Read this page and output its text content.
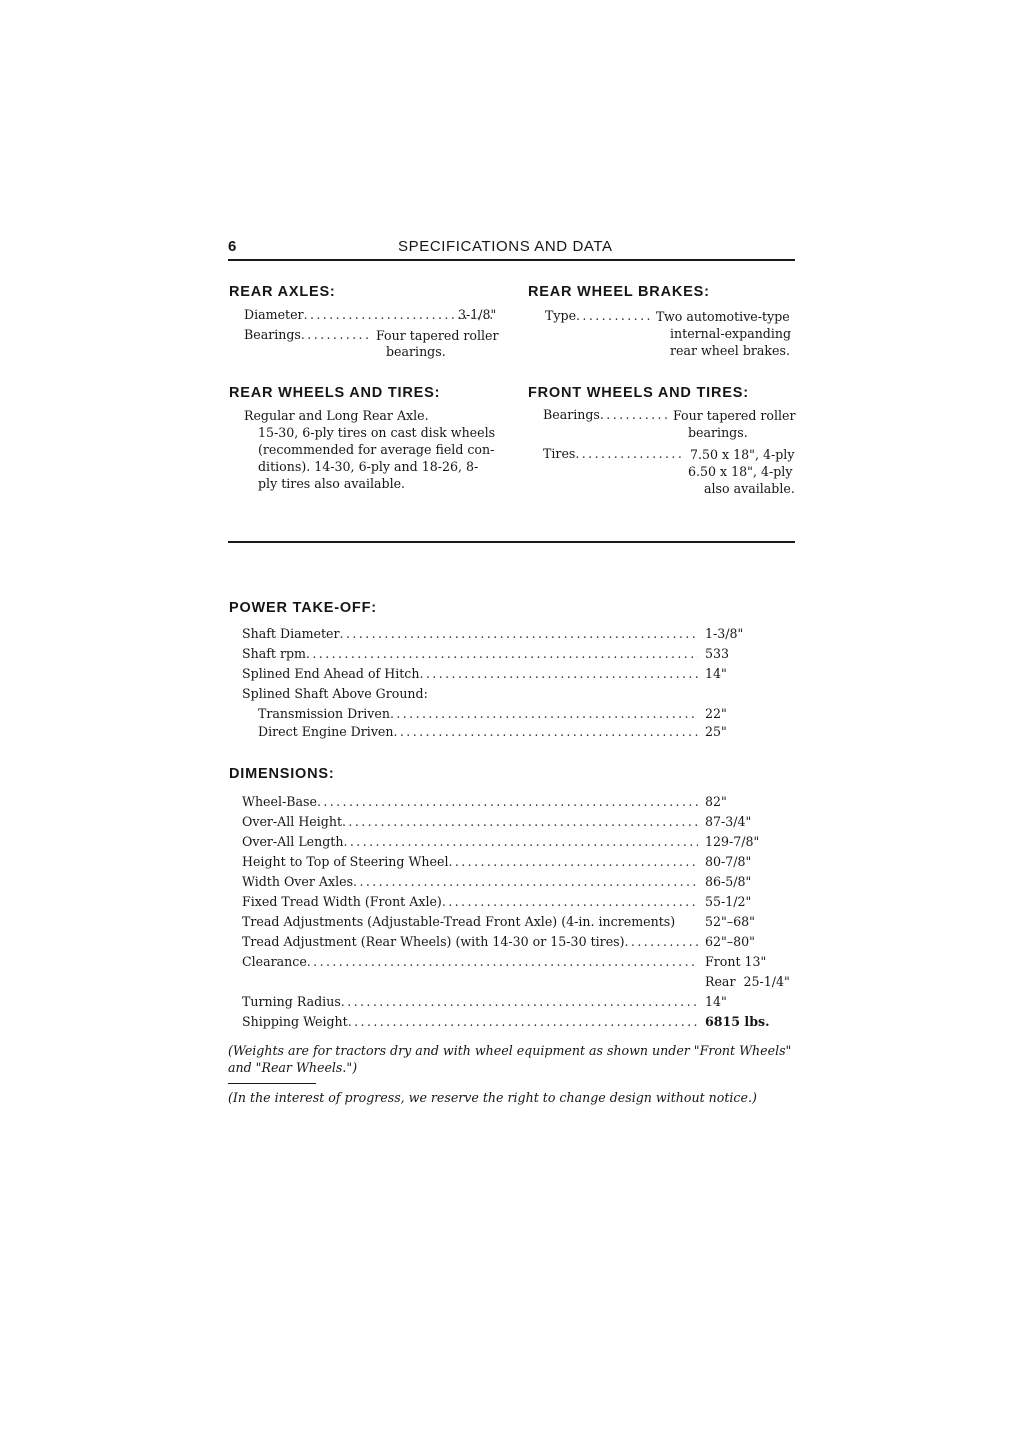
6	SPECIFICATIONS AND DATA
REAR AXLES:
Diameter .....	3-1/8"
Bearings .....	Four tapered roller
bearings.
REAR WHEEL BRAKES:
Type .....	Two automotive-type
internal-expanding
rear wheel brakes.
REAR WHEELS AND TIRES:
Regular and Long Rear Axle.
15-30, 6-ply tires on cast disk wheels
(recommended for average field con-
ditions). 14-30, 6-ply and 18-26, 8-
ply tires also available.
FRONT WHEELS AND TIRES:
Bearings .....	Four tapered roller
bearings.
Tires .....	7.50 x 18", 4-ply
6.50 x 18", 4-ply
also available.
POWER TAKE-OFF:
Shaft Diameter .....	1-3/8"
Shaft rpm .....	533
Splined End Ahead of Hitch .....	14"
Splined Shaft Above Ground:
Transmission Driven .....	22"
Direct Engine Driven .....	25"
DIMENSIONS:
Wheel-Base .....	82"
Over-All Height .....	87-3/4"
Over-All Length .....	129-7/8"
Height to Top of Steering Wheel .....	80-7/8"
Width Over Axles .....	86-5/8"
Fixed Tread Width (Front Axle) .....	55-1/2"
Tread Adjustments (Adjustable-Tread Front Axle) (4-in. increments) 52"–68"
Tread Adjustment (Rear Wheels) (with 14-30 or 15-30 tires) .....	62"–80"
Clearance .....	Front 13"
Rear  25-1/4"
Turning Radius .....	14"
Shipping Weight .....	6815 lbs.
(Weights are for tractors dry and with wheel equipment as shown under "Front Wheels"
and "Rear Wheels.")
(In the interest of progress, we reserve the right to change design without notice.)
